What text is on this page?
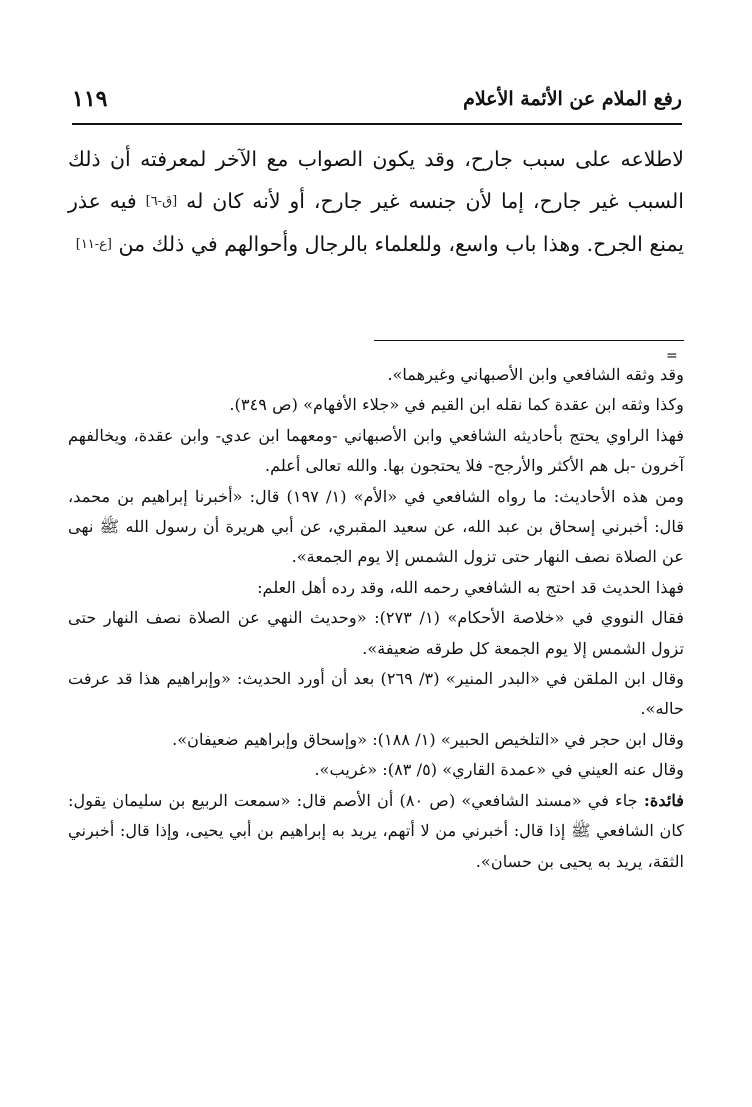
رفع الملام عن الأئمة الأعلام
١١٩

لاطلاعه على سبب جارح، وقد يكون الصواب مع الآخر لمعرفته أن ذلك السبب غير جارح، إما لأن جنسه غير جارح، أو لأنه كان له [ق-٦] فيه عذر يمنع الجرح. وهذا باب واسع، وللعلماء بالرجال وأحوالهم في ذلك من [ع-١١]

=

وقد وثقه الشافعي وابن الأصبهاني وغيرهما».

وكذا وثقه ابن عقدة كما نقله ابن القيم في «جلاء الأفهام» (ص ٣٤٩).

فهذا الراوي يحتج بأحاديثه الشافعي وابن الأصبهاني -ومعهما ابن عدي- وابن عقدة، ويخالفهم آخرون -بل هم الأكثر والأرجح- فلا يحتجون بها. والله تعالى أعلم.

ومن هذه الأحاديث: ما رواه الشافعي في «الأم» (١/ ١٩٧) قال: «أخبرنا إبراهيم بن محمد، قال: أخبرني إسحاق بن عبد الله، عن سعيد المقبري، عن أبي هريرة أن رسول الله ﷺ نهى عن الصلاة نصف النهار حتى تزول الشمس إلا يوم الجمعة».

فهذا الحديث قد احتج به الشافعي رحمه الله، وقد رده أهل العلم:

فقال النووي في «خلاصة الأحكام» (١/ ٢٧٣): «وحديث النهي عن الصلاة نصف النهار حتى تزول الشمس إلا يوم الجمعة كل طرقه ضعيفة».

وقال ابن الملقن في «البدر المنير» (٣/ ٢٦٩) بعد أن أورد الحديث: «وإبراهيم هذا قد عرفت حاله».

وقال ابن حجر في «التلخيص الحبير» (١/ ١٨٨): «وإسحاق وإبراهيم ضعيفان».

وقال عنه العيني في «عمدة القاري» (٥/ ٨٣): «غريب».

فائدة: جاء في «مسند الشافعي» (ص ٨٠) أن الأصم قال: «سمعت الربيع بن سليمان يقول: كان الشافعي ﷺ إذا قال: أخبرني من لا أتهم، يريد به إبراهيم بن أبي يحيى، وإذا قال: أخبرني الثقة، يريد به يحيى بن حسان».
